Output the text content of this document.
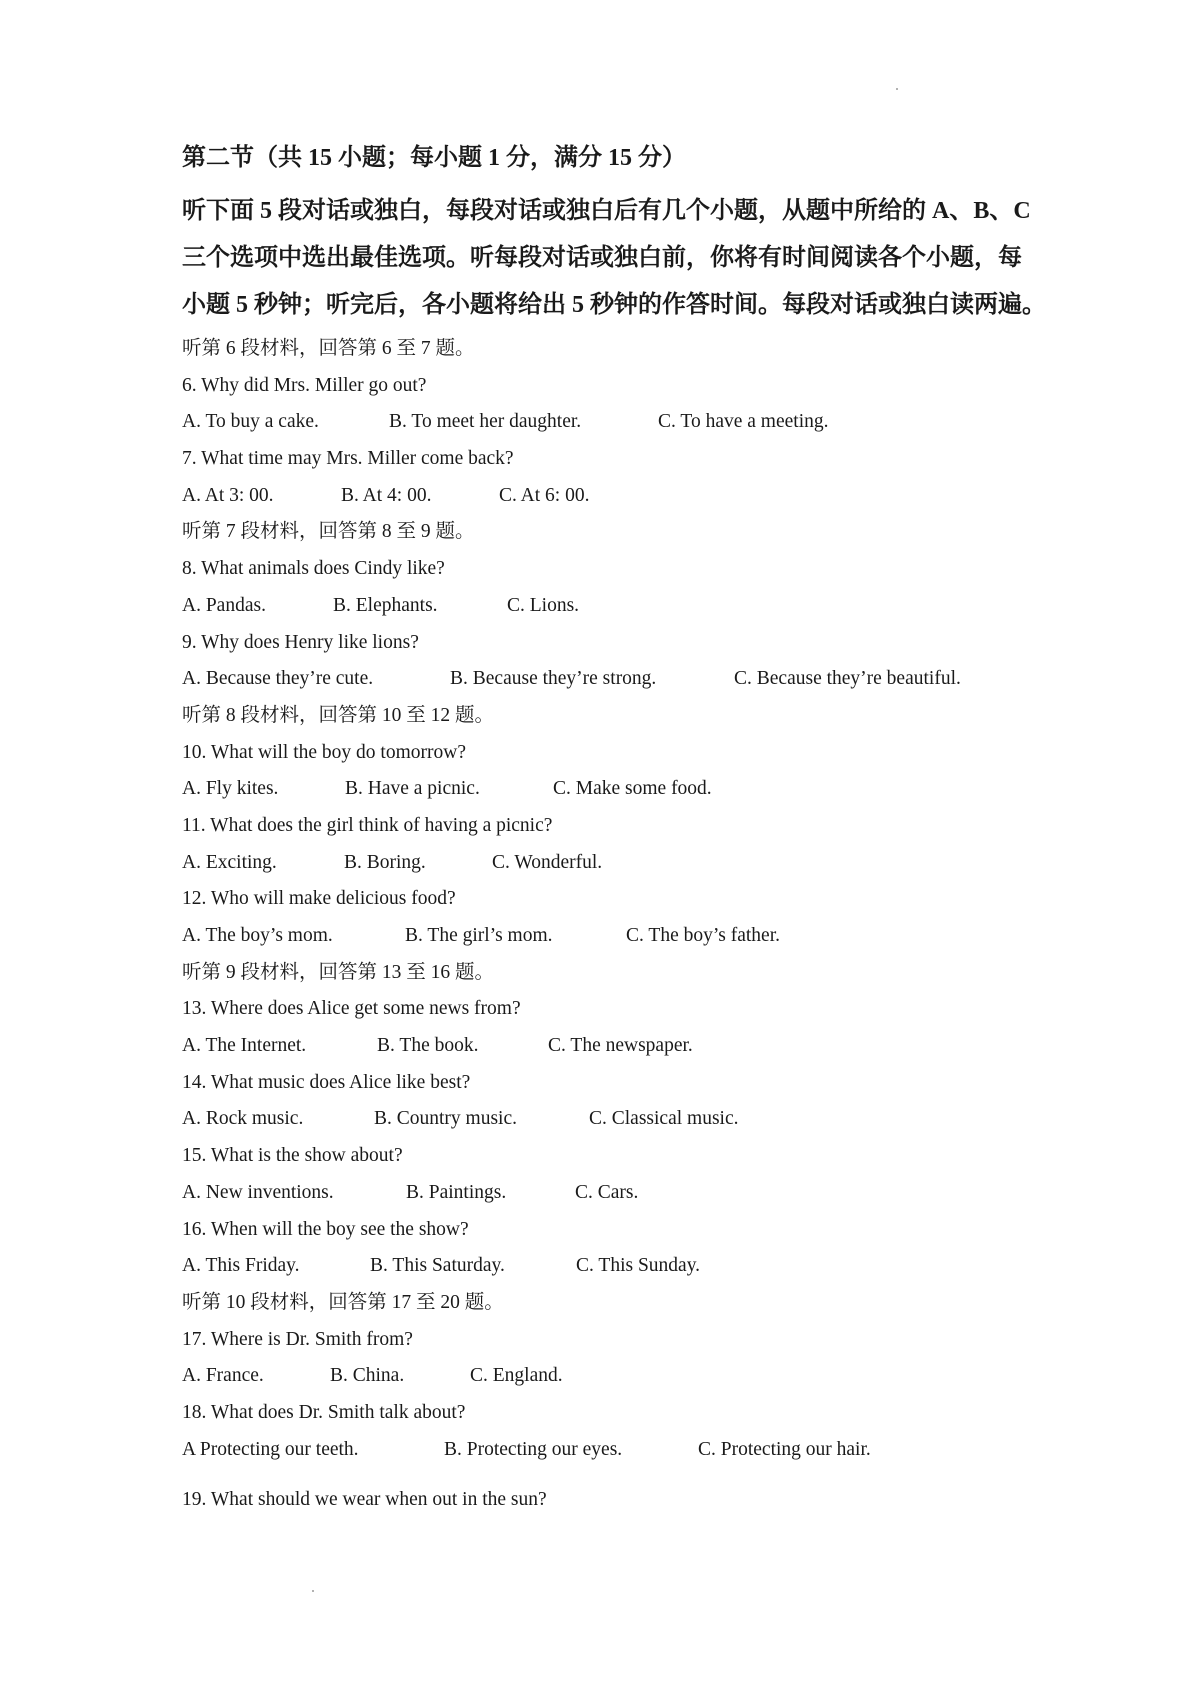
第二节（共 15 小题；每小题 1 分，满分 15 分）
听下面 5 段对话或独白，每段对话或独白后有几个小题，从题中所给的 A、B、C
三个选项中选出最佳选项。听每段对话或独白前，你将有时间阅读各个小题，每
小题 5 秒钟；听完后，各小题将给出 5 秒钟的作答时间。每段对话或独白读两遍。
听第 6 段材料，回答第 6 至 7 题。
6. Why did Mrs. Miller go out?
A. To buy a cake.	B. To meet her daughter.	C. To have a meeting.
7. What time may Mrs. Miller come back?
A. At 3: 00.	B. At 4: 00.	C. At 6: 00.
听第 7 段材料，回答第 8 至 9 题。
8. What animals does Cindy like?
A. Pandas.	B. Elephants.	C. Lions.
9. Why does Henry like lions?
A. Because they’re cute.	B. Because they’re strong.	C. Because they’re beautiful.
听第 8 段材料，回答第 10 至 12 题。
10. What will the boy do tomorrow?
A. Fly kites.	B. Have a picnic.	C. Make some food.
11. What does the girl think of having a picnic?
A. Exciting.	B. Boring.	C. Wonderful.
12. Who will make delicious food?
A. The boy’s mom.	B. The girl’s mom.	C. The boy’s father.
听第 9 段材料，回答第 13 至 16 题。
13. Where does Alice get some news from?
A. The Internet.	B. The book.	C. The newspaper.
14. What music does Alice like best?
A. Rock music.	B. Country music.	C. Classical music.
15. What is the show about?
A. New inventions.	B. Paintings.	C. Cars.
16. When will the boy see the show?
A. This Friday.	B. This Saturday.	C. This Sunday.
听第 10 段材料，回答第 17 至 20 题。
17. Where is Dr. Smith from?
A. France.	B. China.	C. England.
18. What does Dr. Smith talk about?
A Protecting our teeth.	B. Protecting our eyes.	C. Protecting our hair.
19. What should we wear when out in the sun?
